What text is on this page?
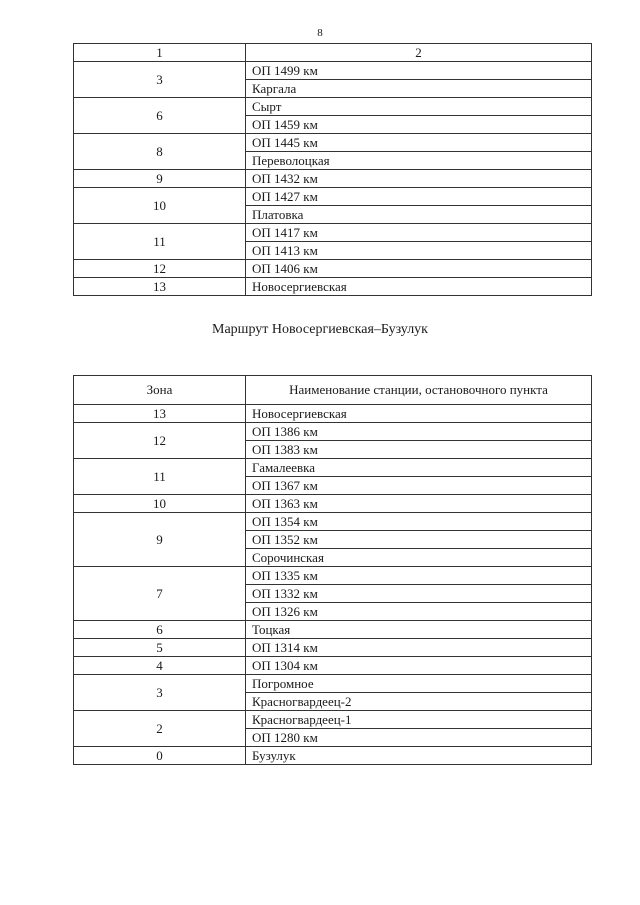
8
1	2
3	ОП 1499 км
	Каргала
6	Сырт
	ОП 1459 км
8	ОП 1445 км
	Переволоцкая
9	ОП 1432 км
10	ОП 1427 км
	Платовка
11	ОП 1417 км
	ОП 1413 км
12	ОП 1406 км
13	Новосергиевская
Маршрут Новосергиевская–Бузулук
Зона	Наименование станции, остановочного пункта
13	Новосергиевская
12	ОП 1386 км
	ОП 1383 км
11	Гамалеевка
	ОП 1367 км
10	ОП 1363 км
9	ОП 1354 км
	ОП 1352 км
	Сорочинская
7	ОП 1335 км
	ОП 1332 км
	ОП 1326 км
6	Тоцкая
5	ОП 1314 км
4	ОП 1304 км
3	Погромное
	Красногвардеец-2
2	Красногвардеец-1
	ОП 1280 км
0	Бузулук
